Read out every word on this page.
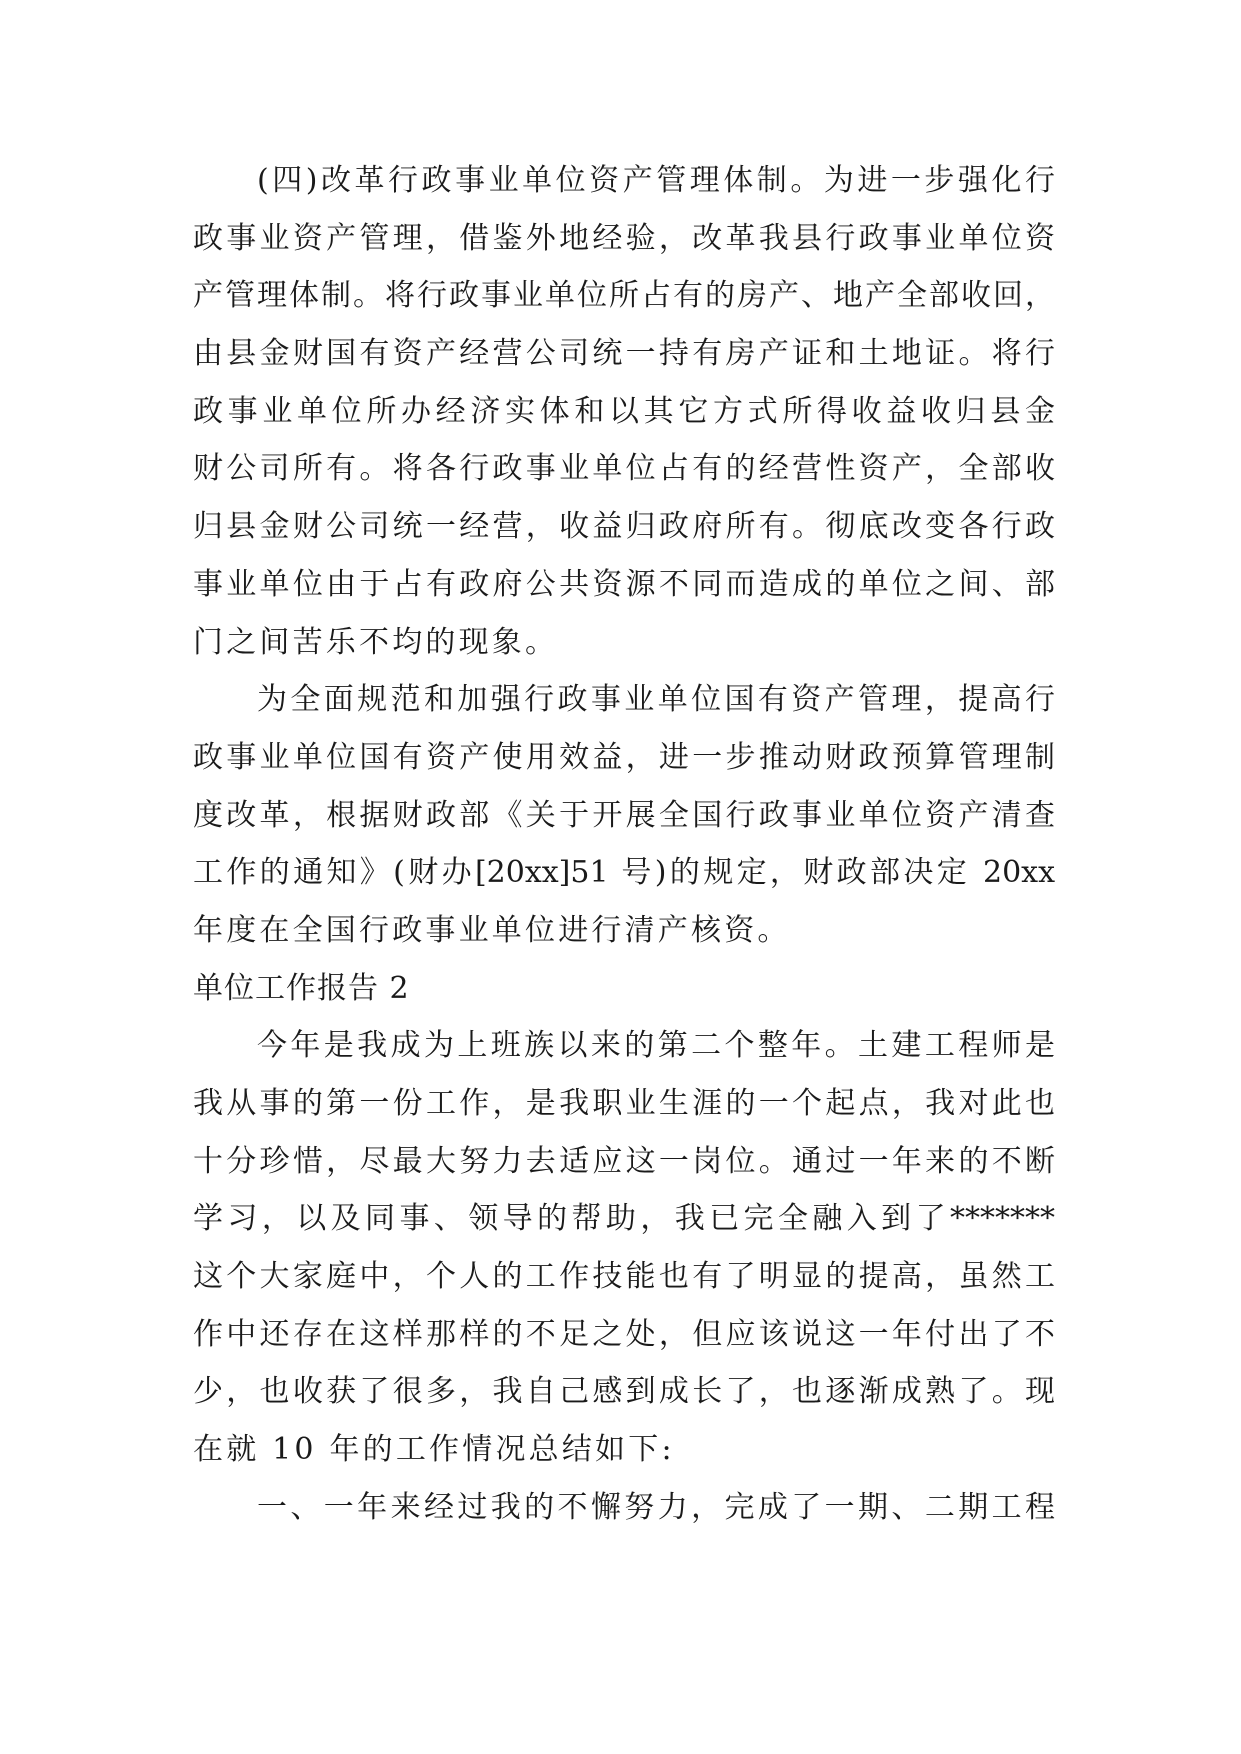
(四)改革行政事业单位资产管理体制。为进一步强化行
政事业资产管理，借鉴外地经验，改革我县行政事业单位资
产管理体制。将行政事业单位所占有的房产、地产全部收回，
由县金财国有资产经营公司统一持有房产证和土地证。将行
政事业单位所办经济实体和以其它方式所得收益收归县金
财公司所有。将各行政事业单位占有的经营性资产，全部收
归县金财公司统一经营，收益归政府所有。彻底改变各行政
事业单位由于占有政府公共资源不同而造成的单位之间、部
门之间苦乐不均的现象。
为全面规范和加强行政事业单位国有资产管理，提高行
政事业单位国有资产使用效益，进一步推动财政预算管理制
度改革，根据财政部《关于开展全国行政事业单位资产清查
工作的通知》(财办[20xx]51 号)的规定，财政部决定 20xx
年度在全国行政事业单位进行清产核资。
单位工作报告 2
今年是我成为上班族以来的第二个整年。土建工程师是
我从事的第一份工作，是我职业生涯的一个起点，我对此也
十分珍惜，尽最大努力去适应这一岗位。通过一年来的不断
学习，以及同事、领导的帮助，我已完全融入到了*******
这个大家庭中，个人的工作技能也有了明显的提高，虽然工
作中还存在这样那样的不足之处，但应该说这一年付出了不
少，也收获了很多，我自己感到成长了，也逐渐成熟了。现
在就 10 年的工作情况总结如下:
一、一年来经过我的不懈努力，完成了一期、二期工程
